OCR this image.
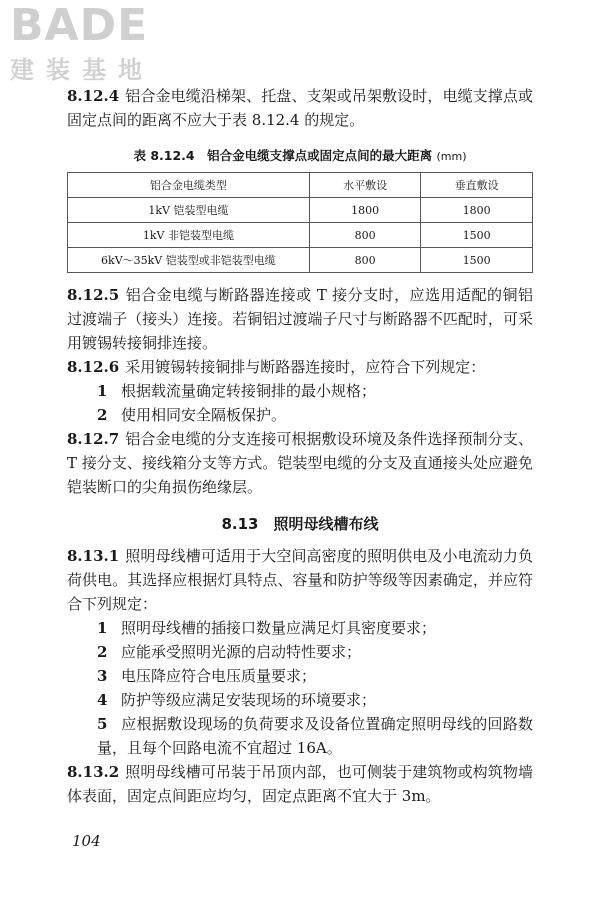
BADE
建装基地

8.12.4 铝合金电缆沿梯架、托盘、支架或吊架敷设时，电缆支撑点或固定点间的距离不应大于表 8.12.4 的规定。

表 8.12.4　铝合金电缆支撑点或固定点间的最大距离 (mm)
铝合金电缆类型	水平敷设	垂直敷设
1kV 铠装型电缆	1800	1800
1kV 非铠装型电缆	800	1500
6kV～35kV 铠装型或非铠装型电缆	800	1500

8.12.5 铝合金电缆与断路器连接或 T 接分支时，应选用适配的铜铝过渡端子（接头）连接。若铜铝过渡端子尺寸与断路器不匹配时，可采用镀锡转接铜排连接。

8.12.6 采用镀锡转接铜排与断路器连接时，应符合下列规定：

1 根据载流量确定转接铜排的最小规格；

2 使用相同安全隔板保护。

8.12.7 铝合金电缆的分支连接可根据敷设环境及条件选择预制分支、T 接分支、接线箱分支等方式。铠装型电缆的分支及直通接头处应避免铠装断口的尖角损伤绝缘层。

8.13　照明母线槽布线

8.13.1 照明母线槽可适用于大空间高密度的照明供电及小电流动力负荷供电。其选择应根据灯具特点、容量和防护等级等因素确定，并应符合下列规定：

1 照明母线槽的插接口数量应满足灯具密度要求；

2 应能承受照明光源的启动特性要求；

3 电压降应符合电压质量要求；

4 防护等级应满足安装现场的环境要求；

5 应根据敷设现场的负荷要求及设备位置确定照明母线的回路数量，且每个回路电流不宜超过 16A。

8.13.2 照明母线槽可吊装于吊顶内部，也可侧装于建筑物或构筑物墙体表面，固定点间距应均匀，固定点距离不宜大于 3m。

104
